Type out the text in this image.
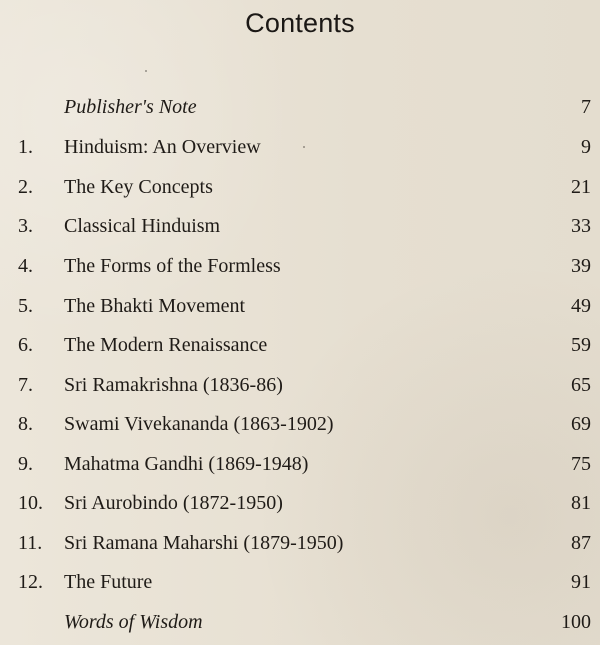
Contents
Publisher's Note	7
1.	Hinduism: An Overview	9
2.	The Key Concepts	21
3.	Classical Hinduism	33
4.	The Forms of the Formless	39
5.	The Bhakti Movement	49
6.	The Modern Renaissance	59
7.	Sri Ramakrishna (1836-86)	65
8.	Swami Vivekananda (1863-1902)	69
9.	Mahatma Gandhi (1869-1948)	75
10.	Sri Aurobindo (1872-1950)	81
11.	Sri Ramana Maharshi (1879-1950)	87
12.	The Future	91
Words of Wisdom	100
